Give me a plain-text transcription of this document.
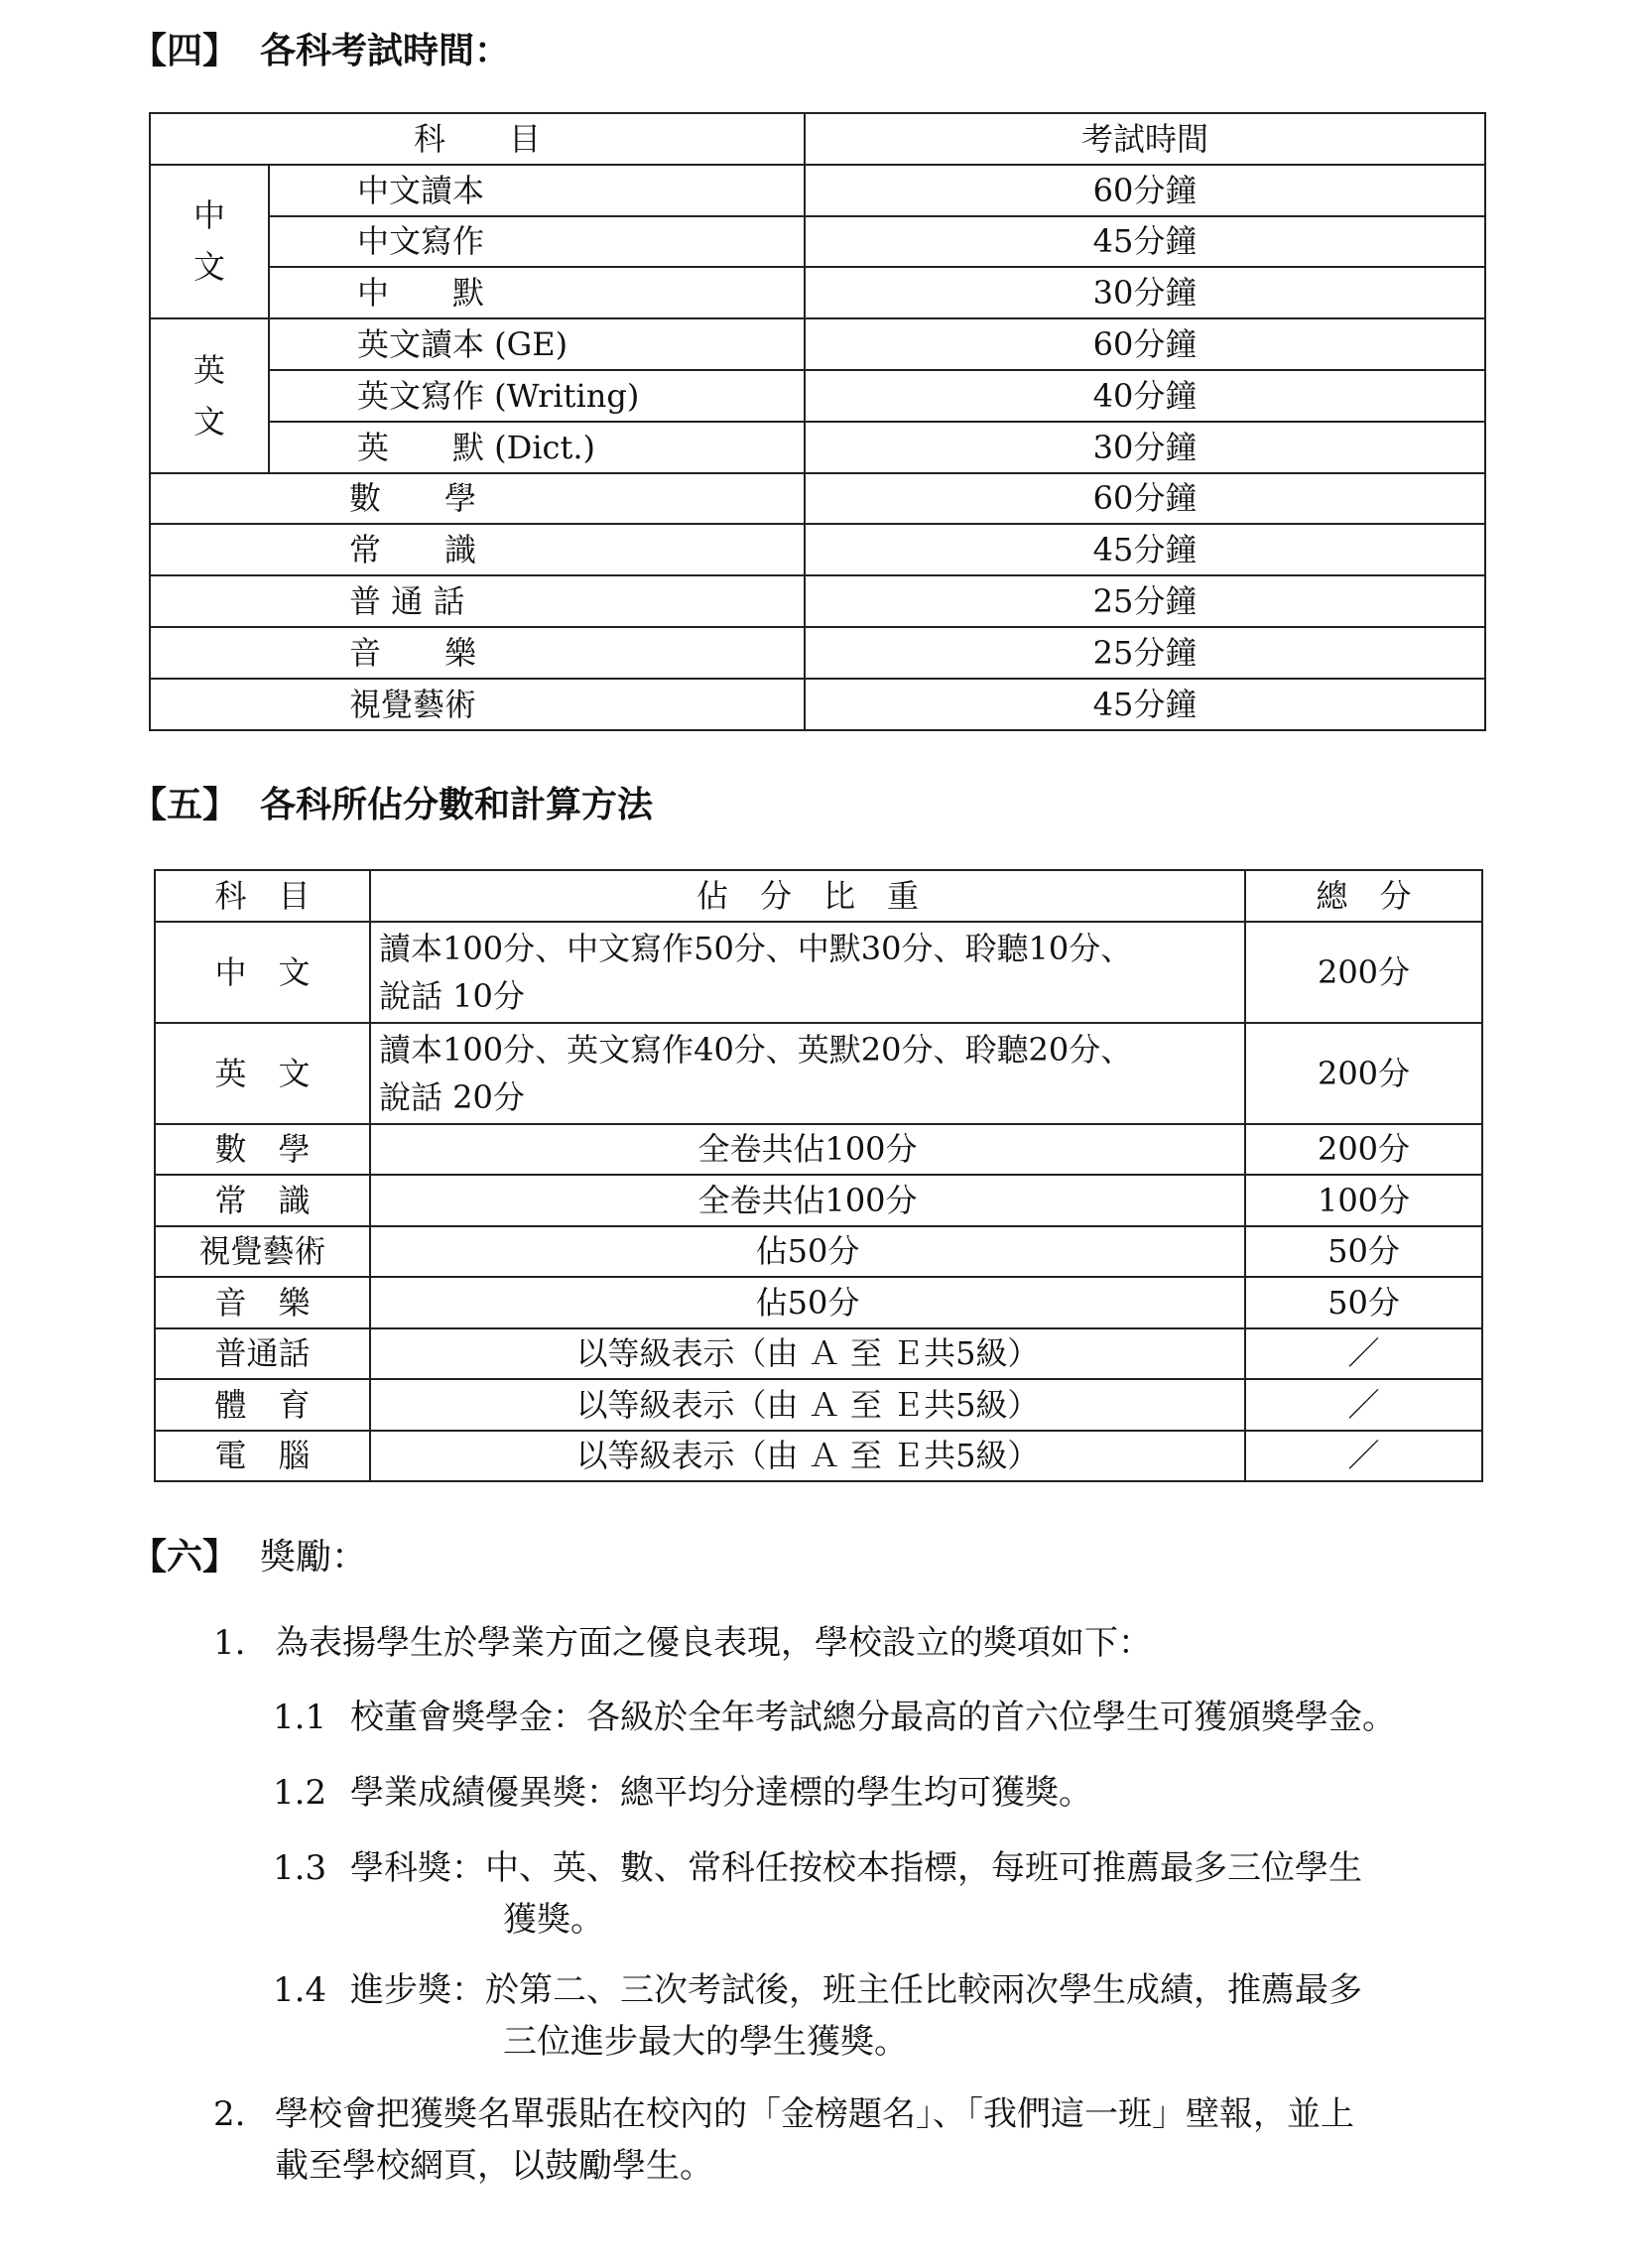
【四】 各科考試時間：
科　　目		考試時間

中
文	中文讀本	60分鐘
	中文寫作	45分鐘
	中　　默	30分鐘

英
文	英文讀本 (GE)	60分鐘
	英文寫作 (Writing)	40分鐘
	英　　默 (Dict.)	30分鐘
數　　學		60分鐘
常　　識		45分鐘
普 通 話		25分鐘
音　　樂		25分鐘
視覺藝術		45分鐘
【五】 各科所佔分數和計算方法
科　目	佔　分　比　重	總　分
中　文	讀本100分、中文寫作50分、中默30分、聆聽10分、
說話 10分	200分
英　文	讀本100分、英文寫作40分、英默20分、聆聽20分、
說話 20分	200分
數　學	全卷共佔100分	200分
常　識	全卷共佔100分	100分
視覺藝術	佔50分	50分
音　樂	佔50分	50分
普通話	以等級表示（由 Ａ 至 Ｅ共5級）	／
體　育	以等級表示（由 Ａ 至 Ｅ共5級）	／
電　腦	以等級表示（由 Ａ 至 Ｅ共5級）	／
【六】 獎勵：
1. 為表揚學生於學業方面之優良表現，學校設立的獎項如下：
1.1 校董會獎學金：各級於全年考試總分最高的首六位學生可獲頒獎學金。
1.2 學業成績優異獎：總平均分達標的學生均可獲獎。
1.3 學科獎：中、英、數、常科任按校本指標，每班可推薦最多三位學生
獲獎。
1.4 進步獎：於第二、三次考試後，班主任比較兩次學生成績，推薦最多
三位進步最大的學生獲獎。
2. 學校會把獲獎名單張貼在校內的「金榜題名」、「我們這一班」壁報，並上
載至學校網頁，以鼓勵學生。
